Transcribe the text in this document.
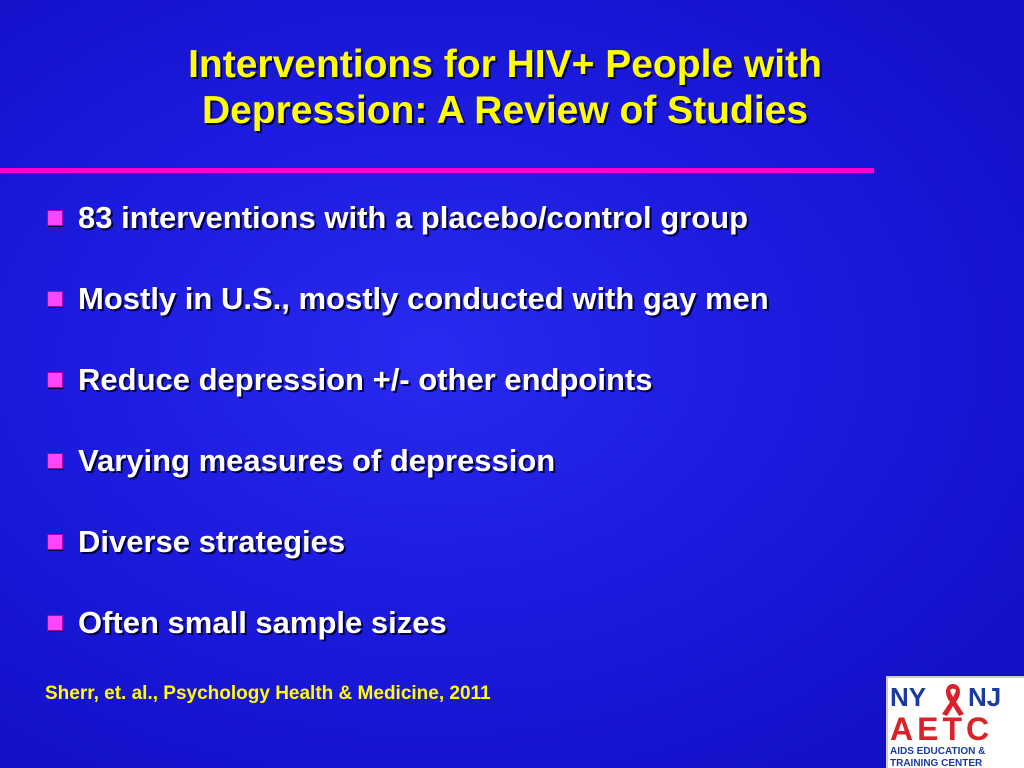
Interventions for HIV+ People with
Depression: A Review of Studies
83 interventions with a placebo/control group
Mostly in U.S., mostly conducted with gay men
Reduce depression +/- other endpoints
Varying measures of depression
Diverse strategies
Often small sample sizes
Sherr, et. al., Psychology Health & Medicine, 2011	NY NJ
AETC
AIDS EDUCATION &
TRAINING CENTER
